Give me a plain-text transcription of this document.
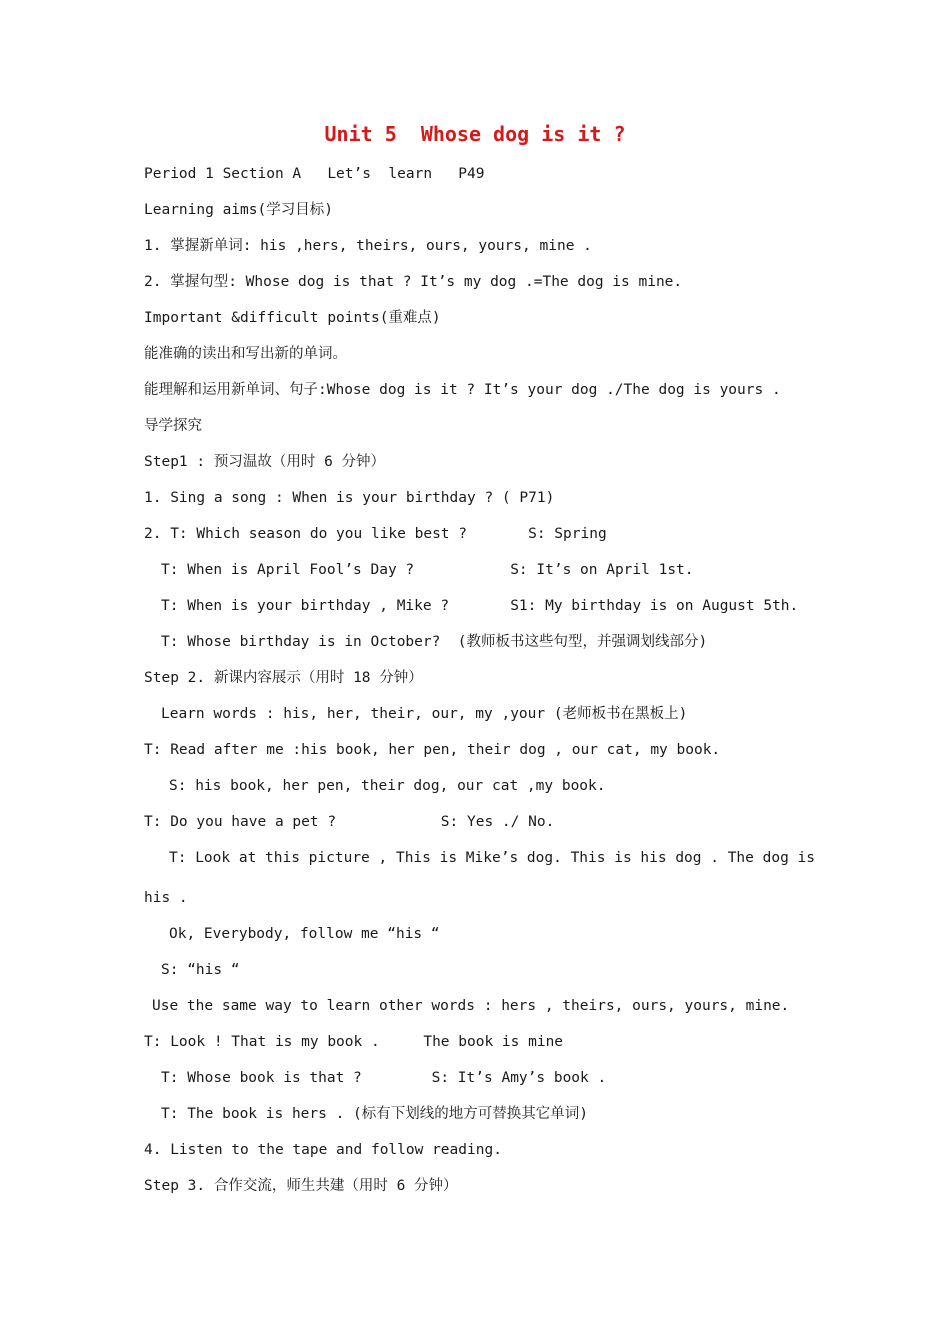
Unit 5  Whose dog is it ?
Period 1 Section A   Let’s  learn   P49
Learning aims(学习目标)
1. 掌握新单词: his ,hers, theirs, ours, yours, mine .
2. 掌握句型: Whose dog is that ? It’s my dog .=The dog is mine.
Important &difficult points(重难点)
能准确的读出和写出新的单词。
能理解和运用新单词、句子:Whose dog is it ? It’s your dog ./The dog is yours .
导学探究
Step1 : 预习温故（用时 6 分钟）
1. Sing a song : When is your birthday ? ( P71)
2. T: Which season do you like best ?       S: Spring
T: When is April Fool’s Day ?           S: It’s on April 1st.
T: When is your birthday , Mike ?       S1: My birthday is on August 5th.
T: Whose birthday is in October?  (教师板书这些句型，并强调划线部分)
Step 2. 新课内容展示（用时 18 分钟）
Learn words : his, her, their, our, my ,your (老师板书在黑板上)
T: Read after me :his book, her pen, their dog , our cat, my book.
S: his book, her pen, their dog, our cat ,my book.
T: Do you have a pet ?            S: Yes ./ No.
T: Look at this picture , This is Mike’s dog. This is his dog . The dog is
his .
Ok, Everybody, follow me “his “
S: “his “
Use the same way to learn other words : hers , theirs, ours, yours, mine.
T: Look ! That is my book .     The book is mine
T: Whose book is that ?        S: It’s Amy’s book .
T: The book is hers . (标有下划线的地方可替换其它单词)
4. Listen to the tape and follow reading.
Step 3. 合作交流，师生共建（用时 6 分钟）
